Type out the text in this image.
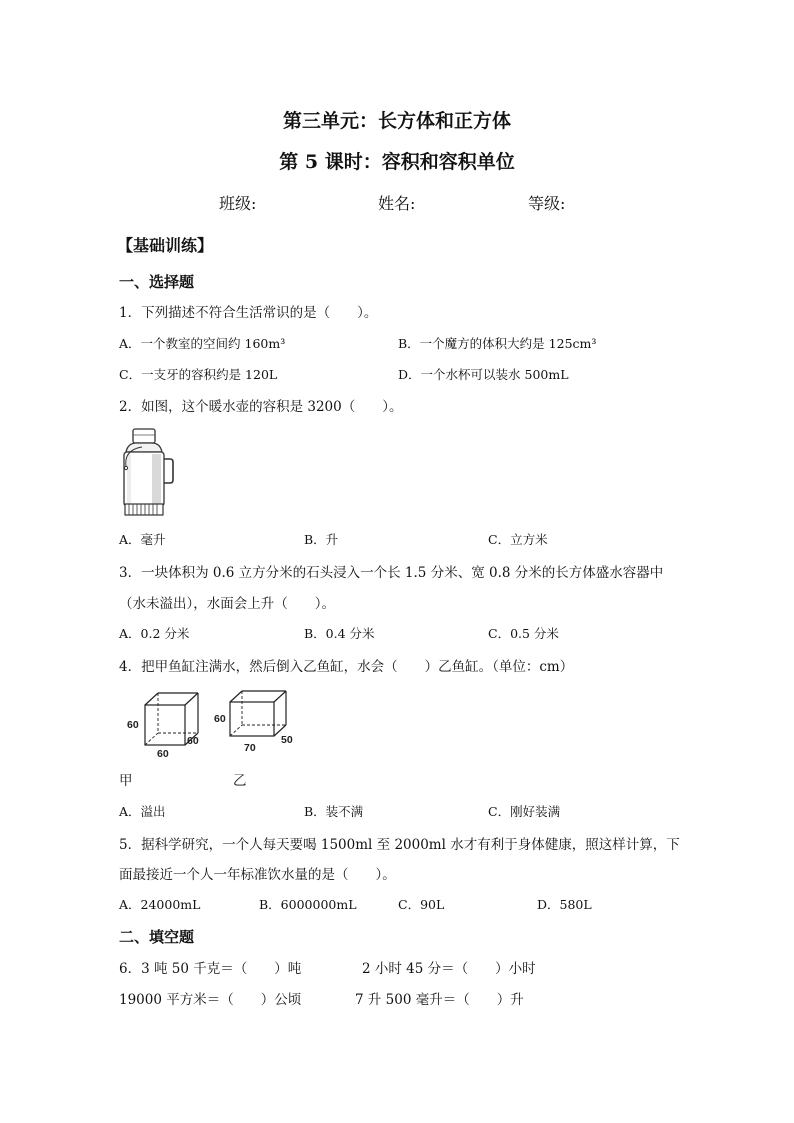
第三单元：长方体和正方体
第 5 课时：容积和容积单位
班级:	姓名:	等级:
【基础训练】
一、选择题
1．下列描述不符合生活常识的是（　　）。
A．一个教室的空间约 160m³	B．一个魔方的体积大约是 125cm³
C．一支牙的容积约是 120L	D．一个水杯可以装水 500mL
2．如图，这个暖水壶的容积是 3200（　　）。
A．毫升	B．升	C．立方米
3．一块体积为 0.6 立方分米的石头浸入一个长 1.5 分米、宽 0.8 分米的长方体盛水容器中
（水未溢出），水面会上升（　　）。
A．0.2 分米	B．0.4 分米	C．0.5 分米
4．把甲鱼缸注满水，然后倒入乙鱼缸，水会（　　）乙鱼缸。（单位：cm）
60
60
60
60
70
50
甲	乙
A．溢出	B．装不满	C．刚好装满
5．据科学研究，一个人每天要喝 1500ml 至 2000ml 水才有利于身体健康，照这样计算，下
面最接近一个人一年标准饮水量的是（　　）。
A．24000mL	B．6000000mL	C．90L	D．580L
二、填空题
6．3 吨 50 千克＝（　　）吨	2 小时 45 分＝（　　）小时
19000 平方米＝（　　）公顷	7 升 500 毫升＝（　　）升
